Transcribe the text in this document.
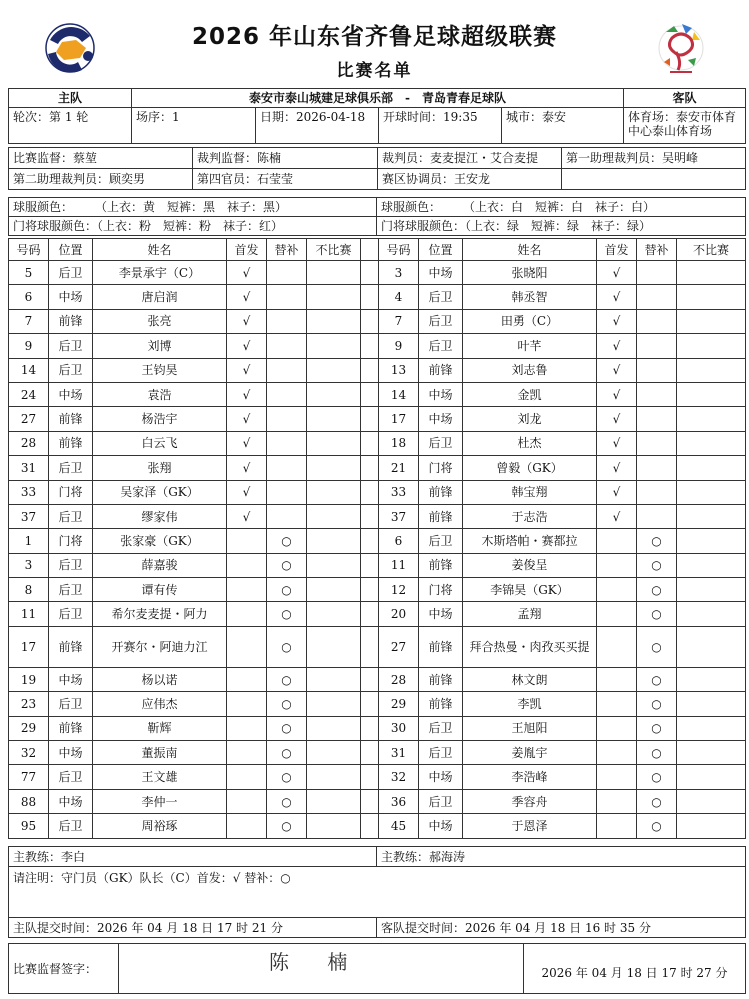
2026 年山东省齐鲁足球超级联赛
比赛名单
主队	泰安市泰山城建足球俱乐部　-　青岛青春足球队				客队
轮次：第 1 轮	场序：1	日期：2026-04-18	开球时间：19:35	城市：泰安	体育场：泰安市体育中心泰山体育场
比赛监督：蔡堃	裁判监督：陈楠	裁判员：麦麦提江・艾合麦提	第一助理裁判员：吴明峰
第二助理裁判员：顾奕男	第四官员：石莹莹	赛区协调员：王安龙	
球服颜色： （上衣：黄　短裤：黑　袜子：黑）	球服颜色： （上衣：白　短裤：白　袜子：白）
门将球服颜色：（上衣：粉　短裤：粉　袜子：红）	门将球服颜色：（上衣：绿　短裤：绿　袜子：绿）
号码	位置	姓名	首发	替补	不比赛		号码	位置	姓名	首发	替补	不比赛
5	后卫	李景承宇（C）	√				3	中场	张晓阳	√		
6	中场	唐启润	√				4	后卫	韩丞智	√		
7	前锋	张亮	√				7	后卫	田勇（C）	√		
9	后卫	刘博	√				9	后卫	叶芊	√		
14	后卫	王钧昊	√				13	前锋	刘志鲁	√		
24	中场	袁浩	√				14	中场	金凯	√		
27	前锋	杨浩宇	√				17	中场	刘龙	√		
28	前锋	白云飞	√				18	后卫	杜杰	√		
31	后卫	张翔	√				21	门将	曾毅（GK）	√		
33	门将	吴家泽（GK）	√				33	前锋	韩宝翔	√		
37	后卫	缪家伟	√				37	前锋	于志浩	√		
1	门将	张家豪（GK）		○			6	后卫	木斯塔帕・赛都拉		○	
3	后卫	薛嘉骏		○			11	前锋	姜俊呈		○	
8	后卫	谭有传		○			12	门将	李锦昊（GK）		○	
11	后卫	希尔麦麦提・阿力		○			20	中场	孟翔		○	
17	前锋	开赛尔・阿迪力江		○			27	前锋	拜合热曼・肉孜买买提		○	
19	中场	杨以诺		○			28	前锋	林文朗		○	
23	后卫	应伟杰		○			29	前锋	李凯		○	
29	前锋	靳辉		○			30	后卫	王旭阳		○	
32	中场	董振南		○			31	后卫	姜胤宇		○	
77	后卫	王文雄		○			32	中场	李浩峰		○	
88	中场	李仲一		○			36	后卫	季容舟		○	
95	后卫	周裕琢		○			45	中场	于恩泽		○	
主教练：李白	主教练：郝海涛
请注明：守门员（GK）队长（C）首发：√ 替补：○	
主队提交时间：2026 年 04 月 18 日 17 时 21 分	客队提交时间：2026 年 04 月 18 日 16 时 35 分
比赛监督签字：	陈 楠	2026 年 04 月 18 日 17 时 27 分
